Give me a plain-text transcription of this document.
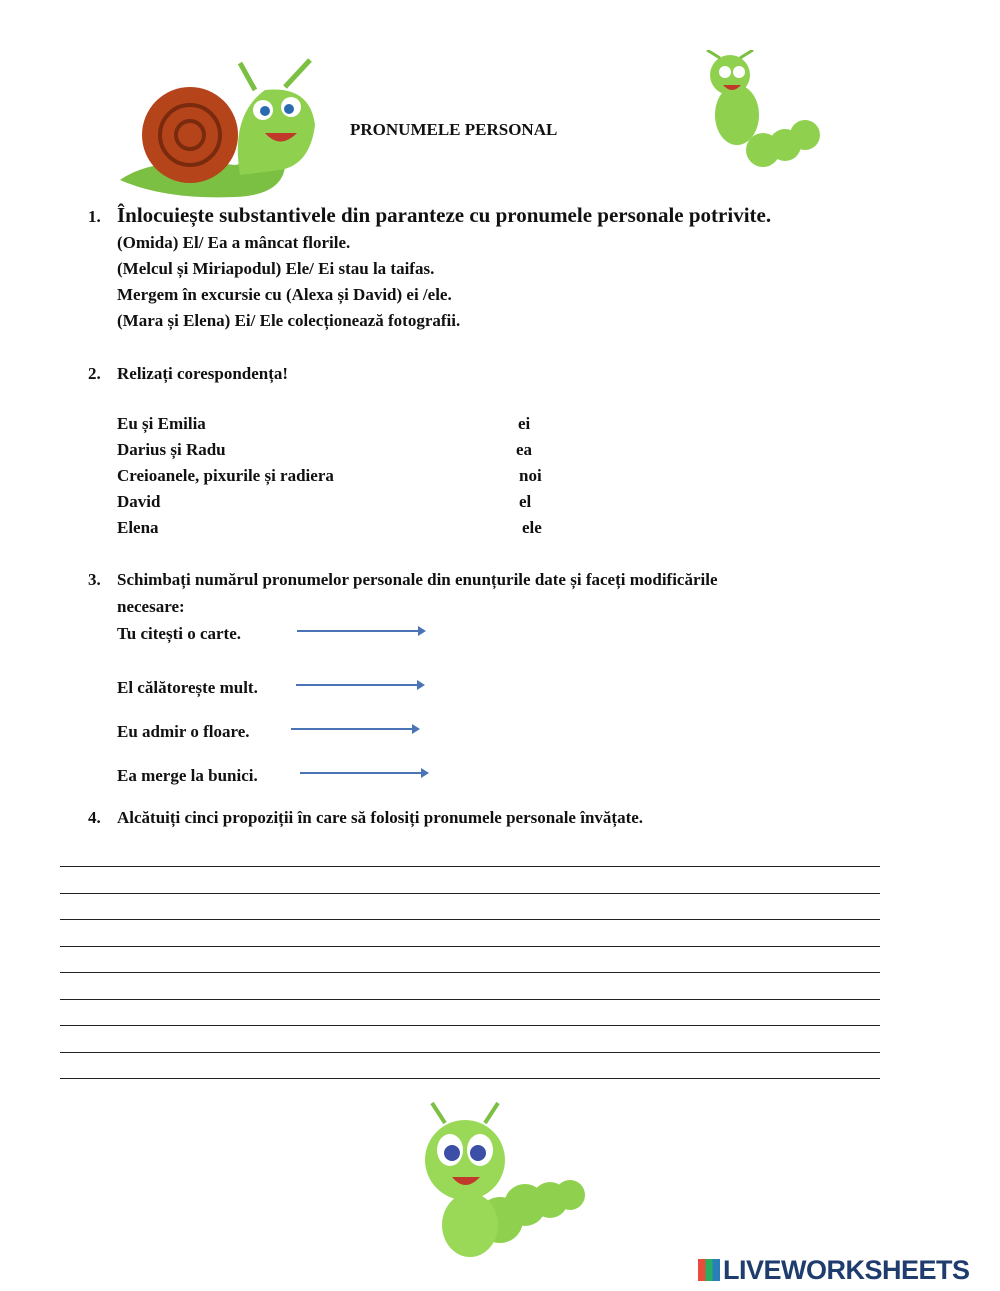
PRONUMELE PERSONAL
1. Înlocuiește substantivele din paranteze cu pronumele personale potrivite.
(Omida) El/ Ea a mâncat florile.
(Melcul și Miriapodul) Ele/ Ei stau la taifas.
Mergem în excursie cu (Alexa și David) ei /ele.
(Mara și Elena) Ei/ Ele colecționează fotografii.
2. Relizați corespondența!
Eu și Emilia
Darius și Radu
Creioanele, pixurile și radiera
David
Elena
ei
ea
noi
el
ele
3. Schimbați numărul pronumelor personale din enunțurile date și faceți modificările
necesare:
Tu citești o carte.
El călătorește mult.
Eu admir o floare.
Ea merge la bunici.
4. Alcătuiți cinci propoziții în care să folosiți pronumele personale învățate.
LIVEWORKSHEETS
